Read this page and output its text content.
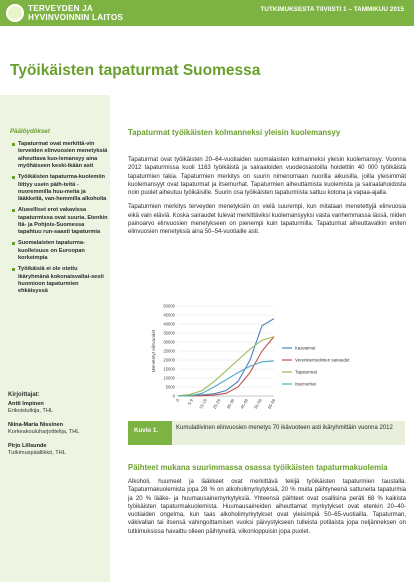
TERVEYDEN JA
HYVINVOINNIN LAITOS
TUTKIMUKSESTA TIIVIISTI 1 – TAMMIKUU 2015
Työikäisten tapaturmat Suomessa
Päälöydökset
Tapaturmat ovat merkittä-vin terveiden elinvuosien menetyksiä aiheuttava kuo-lemansyy aina myöhäiseen keski-ikään asti
Työikäisten tapaturma-kuolemiin liittyy usein päih-teitä - nuoremmilla huu-meita ja lääkkeitä, van-hemmilla alkoholia
Alueelliset erot vakavissa tapaturmissa ovat suuria. Etenkin Itä- ja Pohjois-Suomessa tapahtuu run-saasti tapaturmia
Suomalaisten tapaturma-kuolleisuus on Euroopan korkeimpia
Työikäisiä ei ole otettu ikäryhmänä kokonaisvaltai-sesti huomioon tapaturmien ehkäisyssä
Kirjoittajat:
Antti Impinen
Erikoistutkija, THL
Niina-Maria Nissinen
Korkeakouluharjoittelija, THL
Pirjo Lillsunde
Tutkimuspäällikkö, THL
Tapaturmat työikäisten kolmanneksi yleisin kuolemansyy

Tapaturmat ovat työikäisten 20–64-vuotiaiden suomalaisten kolmanneksi yleisin kuolemansyy. Vuonna 2012 tapaturmissa kuoli 1163 työikäistä ja sairaaloiden vuodeosastoilla hoidettiin 40 000 työikäistä tapaturmien takia. Tapaturmien merkitys on suurin nimenomaan nuorilla aikuisilla, joilla yleisimmät kuolemansyyt ovat tapaturmat ja itsemurhat. Tapaturmien aiheuttamista kuolemista ja sairaalahoidosta noin puolet aiheutuu työikäisille. Suurin osa työikäisten tapaturmista sattuu kotona ja vapaa-ajalla.

Tapaturmien merkitys terveyden menetyksiin on vielä suurempi, kun mitataan menetettyjä elinvuosia eikä vain eläviä. Koska sairaudet tulevat merkittäviksi kuolemansyyksi vasta vanhemmassa iässä, niiden painoarvo elinvuosien menetykseen on pienempi kuin tapaturmilla. Tapaturmat aiheuttavatkin eniten elinvuosien menetyksiä aina 50–54-vuotiaille asti.

0
5000
10000
15000
20000
25000
30000
35000
40000
45000
50000
Menetetyt elinvuodet
0 5-9 15-19 25-29 35-39 45-49 55-59 65-69
Kasvaimet
Verenkiertoelinten sairaudet
Tapaturmat
Itsemurhat
Kuvio 1.	Kumulatiivinen elinvuosien menetys 70 ikävuoteen asti ikäryhmittäin vuonna 2012
Päihteet mukana suurimmassa osassa työikäisten tapaturmakuolemia

Alkoholi, huumeet ja lääkkeet ovat merkittävä tekijä työikäisten tapaturmien taustalla. Tapaturmakuolemista jopa 28 % on alkoholimyrkytyksiä, 20 % muita päihtyneenä sattuneita tapaturmia ja 20 % lääke- ja huumausainemyrkytyksiä. Yhteensä päihteet ovat osallisina peräti 68 % kaikista työikäisten tapaturmakuolemista. Huumausaineiden aiheuttamat myrkytykset ovat etenkin 20–40-vuotiaiden ongelma, kun taas alkoholimyrkytykset ovat yleisimpiä 50–65-vuotiailla. Tapaturman, väkivallan tai itsensä vahingoittamisen vuoksi päivystykseen tulleista potilaista jopa neljänneksen on tutkimuksissa havaittu olleen päihtyneitä, viikonloppuisin jopa puolet.
